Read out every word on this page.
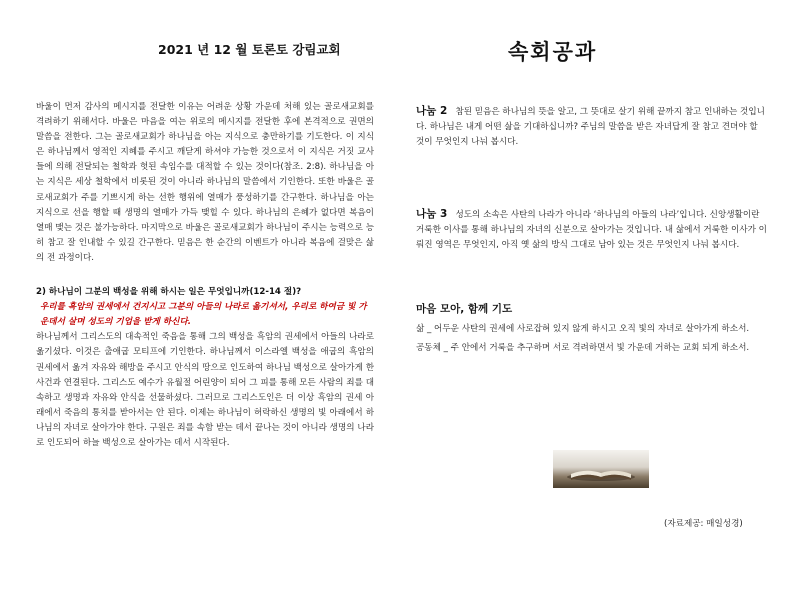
2021 년 12 월 토론토 강림교회	속회공과

바울이 먼저 감사의 메시지를 전달한 이유는 어려운 상황 가운데 처해 있는 골로새교회를 격려하기 위해서다. 바울은 마음을 여는 위로의 메시지를 전달한 후에 본격적으로 권면의 말씀을 전한다. 그는 골로새교회가 하나님을 아는 지식으로 충만하기를 기도한다. 이 지식은 하나님께서 영적인 지혜를 주시고 깨닫게 하셔야 가능한 것으로서 이 지식은 거짓 교사들에 의해 전달되는 철학과 헛된 속임수를 대적할 수 있는 것이다(참조. 2:8). 하나님을 아는 지식은 세상 철학에서 비롯된 것이 아니라 하나님의 말씀에서 기인한다. 또한 바울은 골로새교회가 주를 기쁘시게 하는 선한 행위에 열매가 풍성하기를 간구한다. 하나님을 아는 지식으로 선을 행할 때 생명의 열매가 가득 맺힐 수 있다. 하나님의 은혜가 없다면 복음이 열매 맺는 것은 불가능하다. 마지막으로 바울은 골로새교회가 하나님이 주시는 능력으로 능히 참고 잘 인내할 수 있길 간구한다. 믿음은 한 순간의 이벤트가 아니라 복음에 걸맞은 삶의 전 과정이다.

2) 하나님이 그분의 백성을 위해 하시는 일은 무엇입니까(12-14 절)?

우리를 흑암의 권세에서 건지시고 그분의 아들의 나라로 옮기셔서, 우리로 하여금 빛 가운데서 살며 성도의 기업을 받게 하신다.

하나님께서 그리스도의 대속적인 죽음을 통해 그의 백성을 흑암의 권세에서 아들의 나라로 옮기셨다. 이것은 출애굽 모티프에 기인한다. 하나님께서 이스라엘 백성을 애굽의 흑암의 권세에서 옮겨 자유와 해방을 주시고 안식의 땅으로 인도하여 하나님 백성으로 살아가게 한 사건과 연결된다. 그리스도 예수가 유월절 어린양이 되어 그 피를 통해 모든 사람의 죄를 대속하고 생명과 자유와 안식을 선물하셨다. 그러므로 그리스도인은 더 이상 흑암의 권세 아래에서 죽음의 통치를 받아서는 안 된다. 이제는 하나님이 허락하신 생명의 빛 아래에서 하나님의 자녀로 살아가야 한다. 구원은 죄를 속함 받는 데서 끝나는 것이 아니라 생명의 나라로 인도되어 하늘 백성으로 살아가는 데서 시작된다.

나눔 2 참된 믿음은 하나님의 뜻을 알고, 그 뜻대로 살기 위해 끝까지 참고 인내하는 것입니다. 하나님은 내게 어떤 삶을 기대하십니까? 주님의 말씀을 받은 자녀답게 잘 참고 견뎌야 할 것이 무엇인지 나눠 봅시다.

나눔 3 성도의 소속은 사탄의 나라가 아니라 ‘하나님의 아들의 나라’입니다. 신앙생활이란 거룩한 이사를 통해 하나님의 자녀의 신분으로 살아가는 것입니다. 내 삶에서 거룩한 이사가 이뤄진 영역은 무엇인지, 아직 옛 삶의 방식 그대로 남아 있는 것은 무엇인지 나눠 봅시다.

마음 모아, 함께 기도

삶 _ 어두운 사탄의 권세에 사로잡혀 있지 않게 하시고 오직 빛의 자녀로 살아가게 하소서.

공동체 _ 주 안에서 거룩을 추구하며 서로 격려하면서 빛 가운데 거하는 교회 되게 하소서.

(자료제공: 매일성경)
